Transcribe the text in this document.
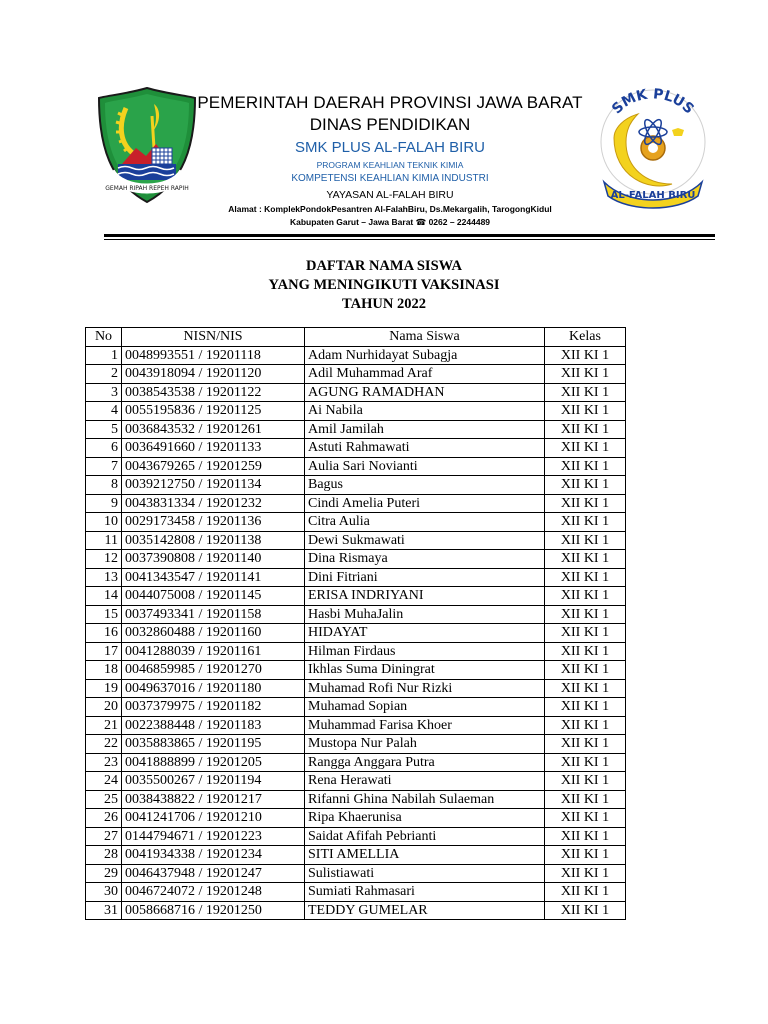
GEMAH RIPAH REPEH RAPIH
PEMERINTAH DAERAH PROVINSI JAWA BARAT
DINAS PENDIDIKAN
SMK PLUS AL-FALAH BIRU
PROGRAM KEAHLIAN TEKNIK KIMIA
KOMPETENSI KEAHLIAN KIMIA INDUSTRI
YAYASAN AL-FALAH BIRU
Alamat : KomplekPondokPesantren Al-FalahBiru, Ds.Mekargalih, TarogongKidul
Kabupaten Garut – Jawa Barat ☎ 0262 – 2244489
SMK PLUS
AL-FALAH BIRU
DAFTAR NAMA SISWA
YANG MENINGIKUTI VAKSINASI
TAHUN 2022
No	NISN/NIS	Nama Siswa	Kelas
1	0048993551 / 19201118	Adam Nurhidayat Subagja	XII KI 1
2	0043918094 / 19201120	Adil Muhammad Araf	XII KI 1
3	0038543538 / 19201122	AGUNG RAMADHAN	XII KI 1
4	0055195836 / 19201125	Ai Nabila	XII KI 1
5	0036843532 / 19201261	Amil Jamilah	XII KI 1
6	0036491660 / 19201133	Astuti Rahmawati	XII KI 1
7	0043679265 / 19201259	Aulia Sari Novianti	XII KI 1
8	0039212750 / 19201134	Bagus	XII KI 1
9	0043831334 / 19201232	Cindi Amelia Puteri	XII KI 1
10	0029173458 / 19201136	Citra Aulia	XII KI 1
11	0035142808 / 19201138	Dewi Sukmawati	XII KI 1
12	0037390808 / 19201140	Dina Rismaya	XII KI 1
13	0041343547 / 19201141	Dini Fitriani	XII KI 1
14	0044075008 / 19201145	ERISA INDRIYANI	XII KI 1
15	0037493341 / 19201158	Hasbi MuhaJalin	XII KI 1
16	0032860488 / 19201160	HIDAYAT	XII KI 1
17	0041288039 / 19201161	Hilman Firdaus	XII KI 1
18	0046859985 / 19201270	Ikhlas Suma Diningrat	XII KI 1
19	0049637016 / 19201180	Muhamad Rofi Nur Rizki	XII KI 1
20	0037379975 / 19201182	Muhamad Sopian	XII KI 1
21	0022388448 / 19201183	Muhammad Farisa Khoer	XII KI 1
22	0035883865 / 19201195	Mustopa Nur Palah	XII KI 1
23	0041888899 / 19201205	Rangga Anggara Putra	XII KI 1
24	0035500267 / 19201194	Rena Herawati	XII KI 1
25	0038438822 / 19201217	Rifanni Ghina Nabilah Sulaeman	XII KI 1
26	0041241706 / 19201210	Ripa Khaerunisa	XII KI 1
27	0144794671 / 19201223	Saidat Afifah Pebrianti	XII KI 1
28	0041934338 / 19201234	SITI AMELLIA	XII KI 1
29	0046437948 / 19201247	Sulistiawati	XII KI 1
30	0046724072 / 19201248	Sumiati Rahmasari	XII KI 1
31	0058668716 / 19201250	TEDDY GUMELAR	XII KI 1
